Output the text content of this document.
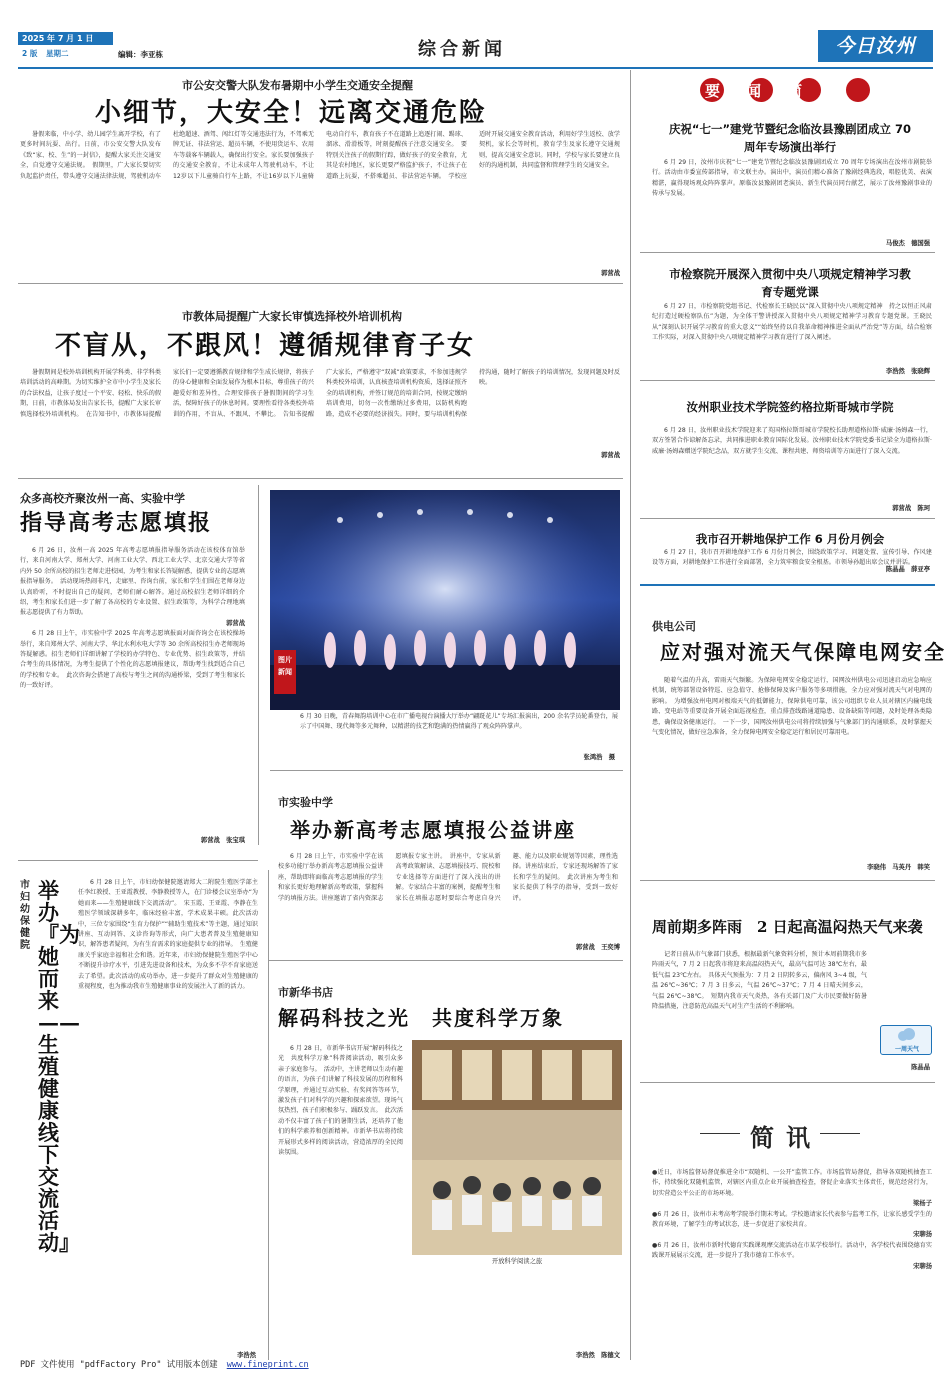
2025 年 7 月 1 日
2 版 星期二	编辑：李亚栋	综合新闻	今日汝州
市公安交警大队发布暑期中小学生交通安全提醒
小细节，大安全！远离交通危险

暑假来临，中小学、幼儿园学生离开学校，有了更多时间玩耍、出行。日前，市公安交警大队发布《致“家、校、生”的一封信》，提醒大家关注交通安全，自觉遵守交通法规。　假期里，广大家长要切实负起监护责任，带头遵守交通法律法规，驾驶机动车杜绝超速、酒驾、闯红灯等交通违法行为，不驾乘无牌无证、非法营运、超员车辆，不使用货运车、农用车等载客车辆载人，确保出行安全。家长要加强孩子的交通安全教育，不让未成年人驾驶机动车，不让12岁以下儿童骑自行车上路，不让16岁以下儿童骑电动自行车，教育孩子不在道路上追逐打闹、踢球、溜冰、滑滑板等，时刻提醒孩子注意交通安全。　要特别关注孩子的假期行踪，做好孩子的安全教育，尤其是农村地区，家长更要严格监护孩子，不让孩子在道路上玩耍，不搭乘超员、非法营运车辆。　学校应适时开展交通安全教育活动，利用好学生返校、放学契机，家长会等时机，教育学生及家长遵守交通规则，提高交通安全意识。同时，学校与家长要建立良好的沟通机制，共同监督和管理学生的交通安全。

郭营战
市教体局提醒广大家长审慎选择校外培训机构
不盲从，不跟风！遵循规律育子女

暑假期间是校外培训机构开展学科类、非学科类培训活动的高峰期。为切实维护全市中小学生及家长的合法权益，让孩子度过一个平安、轻松、快乐的假期，日前，市教体局发出告家长书，提醒广大家长审慎选择校外培训机构。　在告知书中，市教体局提醒家长们一定要遵循教育规律和学生成长规律，将孩子的身心健康和全面发展作为根本目标，尊重孩子的兴趣爱好和差异性，合理安排孩子暑假期间的学习生活，保障好孩子的休息时间。要理性看待各类校外培训的作用，不盲从、不跟风、不攀比。　告知书提醒广大家长，严格遵守“双减”政策要求，不参加违规学科类校外培训，认真核查培训机构资质，选择证照齐全的培训机构，并签订规范的培训合同，按规定缴纳培训费用，切勿一次性缴纳过多费用，以防机构跑路，造成不必要的经济损失。同时，要与培训机构保持沟通，随时了解孩子的培训情况，发现问题及时反映。

郭营战
众多高校齐聚汝州一高、实验中学
指导高考志愿填报

6 月 26 日，汝州一高 2025 年高考志愿填报指导服务活动在该校体育馆举行，来自河南大学、郑州大学、河南工业大学、西北工业大学、北京交通大学等省内外 50 余所高校的招生老师走进校园，为考生和家长答疑解惑，提供专业的志愿填报指导服务。　活动现场热闹非凡，走廊里、咨询台前，家长和学生们围在老师身边认真聆听，不时提出自己的疑问，老师们耐心解答。通过高校招生老师详细的介绍，考生和家长们进一步了解了各高校的专业设置、招生政策等，为科学合理地填报志愿提供了有力帮助。

郭营战

6 月 28 日上午，市实验中学 2025 年高考志愿填报面对面咨询会在该校操场举行，来自郑州大学、河南大学、华北水利水电大学等 30 余所高校招生办老师现场答疑解惑。招生老师们详细讲解了学校的办学特色、专业优势、招生政策等，并结合考生的具体情况，为考生提供了个性化的志愿填报建议，帮助考生找到适合自己的学校和专业。　此次咨询会搭建了高校与考生之间的沟通桥梁，受到了考生和家长的一致好评。

郭营战　张宝琪
图片
新闻
6 月 30 日晚，青春舞韵培训中心在市广播电视台演播大厅举办“翩跹花儿”专场汇报演出，200 余名学员轮番登台，展示了中国舞、现代舞等多元舞种，以精湛的技艺和饱满的热情赢得了观众阵阵掌声。
张鸿浩　摄
市实验中学
举办新高考志愿填报公益讲座

6 月 28 日上午，市实验中学在该校多功能厅举办新高考志愿填报公益讲座，帮助即将面临高考志愿填报的学生和家长更好地理解新高考政策，掌握科学的填报方法。讲座邀请了省内资深志愿填报专家主讲。　讲座中，专家从新高考政策解读、志愿填报技巧、院校和专业选择等方面进行了深入浅出的讲解。专家结合丰富的案例，提醒考生和家长在填报志愿时要综合考虑自身兴趣、能力以及职业规划等因素，理性选择。讲座结束后，专家还现场解答了家长和学生的疑问。　此次讲座为考生和家长提供了科学的指导，受到一致好评。

郭营战　王奕博
市妇幼保健院
举办『为她而来——生殖健康线下交流活动』

6 月 28 日上午，市妇幼保健院邀请郑大二附院生殖医学部主任李红教授、王亚霞教授、李静教授等人，在门诊楼会议室举办“为她而来——生殖健康线下交流活动”。　宋玉霞、王亚霞、李静在生殖医学领域深耕多年，临床经验丰富，学术成果丰硕。此次活动中，三位专家围绕“生育力保护”“辅助生殖技术”等主题，通过知识讲座、互动问答、义诊咨询等形式，向广大患者普及生殖健康知识，解答患者疑问，为有生育需求的家庭提供专业的指导。　生殖健康关乎家庭幸福和社会和谐。近年来，市妇幼保健院生殖医学中心不断提升诊疗水平，引进先进设备和技术，为众多不孕不育家庭送去了希望。此次活动的成功举办，进一步提升了群众对生殖健康的重视程度，也为推动我市生殖健康事业的发展注入了新的活力。

李浩然
市新华书店
解码科技之光　共度科学万象

6 月 28 日，市新华书店开展“解码科技之光　共度科学万象”科普阅读活动，吸引众多亲子家庭参与。　活动中，主讲老师以生动有趣的语言，为孩子们讲解了科技发展的历程和科学原理，并通过互动实验、有奖问答等环节，激发孩子们对科学的兴趣和探索欲望。现场气氛热烈，孩子们积极参与、踊跃发言。　此次活动不仅丰富了孩子们的暑期生活，还培养了他们的科学素养和创新精神。市新华书店将持续开展形式多样的阅读活动，营造浓厚的全民阅读氛围。

开放科学阅读之旅
李浩然　陈德文
要闻简报
庆祝“七一”建党节暨纪念临汝县豫剧团成立 70 周年专场演出举行

6 月 29 日，汝州市庆祝“七一”建党节暨纪念临汝县豫剧团成立 70 周年专场演出在汝州市剧院举行。活动由市委宣传部指导，市文联主办。演出中，演员们精心准备了豫剧经典选段，唱腔优美、表演精湛，赢得现场观众阵阵掌声。原临汝县豫剧团老演员、新生代演员同台献艺，展示了汝州豫剧事业的传承与发展。

马俊杰　德国强
市检察院开展深入贯彻中央八项规定精神学习教育专题党课

6 月 27 日，市检察院党组书记、代检察长王晓民以“深入贯彻中央八项规定精神　持之以恒正风肃纪打造过硬检察队伍”为题，为全体干警讲授深入贯彻中央八项规定精神学习教育专题党课。王晓民从“深刻认识开展学习教育的重大意义”“始终坚持以自我革命精神推进全面从严治党”等方面，结合检察工作实际，对深入贯彻中央八项规定精神学习教育进行了深入阐述。

李浩然　张晓辉
汝州职业技术学院签约格拉斯哥城市学院

6 月 28 日，汝州职业技术学院迎来了英国格拉斯哥城市学院校长助理道格拉斯·威廉·汤姆森一行，双方签署合作谅解备忘录，共同推进职业教育国际化发展。汝州职业技术学院党委书记梁全为道格拉斯·威廉·汤姆森赠送学院纪念品，双方就学生交流、课程共建、师资培训等方面进行了深入交流。

郭营战　陈珂
我市召开耕地保护工作 6 月份月例会

6 月 27 日，我市召开耕地保护工作 6 月份月例会，围绕政策学习、问题处置、宣传引导、作风建设等方面，对耕地保护工作进行全面部署，全力筑牢粮食安全根基。市领导孙超出席会议并讲话。

陈晶晶　薛亚亭
供电公司
应对强对流天气保障电网安全

随着气温的升高，雷雨天气频繁。为保障电网安全稳定运行，国网汝州供电公司迅速启动应急响应机制，统筹部署设备特巡、应急值守、抢修保障及客户服务等多项措施，全力应对强对流天气对电网的影响。　为增强汝州电网对极端天气的抵御能力，保障供电可靠，该公司组织专业人员对辖区内输电线路、变电站等重要设备开展全面巡视检查，重点排查线路通道隐患、设备缺陷等问题，及时处理各类隐患，确保设备健康运行。　一下一步，国网汝州供电公司将持续加强与气象部门的沟通联系，及时掌握天气变化情况，做好应急准备，全力保障电网安全稳定运行和居民可靠用电。

李晓伟　马英丹　韩笑
周前期多阵雨　2 日起高温闷热天气来袭

记者日前从市气象部门获悉，根据最新气象资料分析，预计本周前期我市多阵雨天气，7 月 2 日起我市将迎来高温闷热天气，最高气温可达 38℃左右，最低气温 23℃左右。　具体天气预报为：7 月 2 日阴转多云，偏南风 3~4 级，气温 26℃~36℃；7 月 3 日多云，气温 26℃~37℃；7 月 4 日晴天间多云，气温 26℃~38℃。　短期内我市天气炎热，各有关部门及广大市民要做好防暑降温措施，注意防范高温天气对生产生活的不利影响。

一周天气
陈晶晶
简讯

●近日，市场监督局督促推进全市“双随机、一公开”监管工作。市场监管局督促，指导各双随机抽查工作，持续强化双随机监管，对辖区内重点企业开展抽查检查，督促企业落实主体责任，规范经营行为，切实营造公平公正的市场环境。

梁杨子

●6 月 26 日，汝州市未考高考学院举行期末考试。学校邀请家长代表参与监考工作，让家长感受学生的教育环境，了解学生的考试状态，进一步促进了家校共育。

宋聊扬

●6 月 26 日，汝州市新时代德育实践课观摩交流活动在市某学校举行。活动中，各学校代表围绕德育实践课开展展示交流，进一步提升了我市德育工作水平。

宋聊扬

PDF 文件使用 "pdfFactory Pro" 试用版本创建 www.fineprint.cn
